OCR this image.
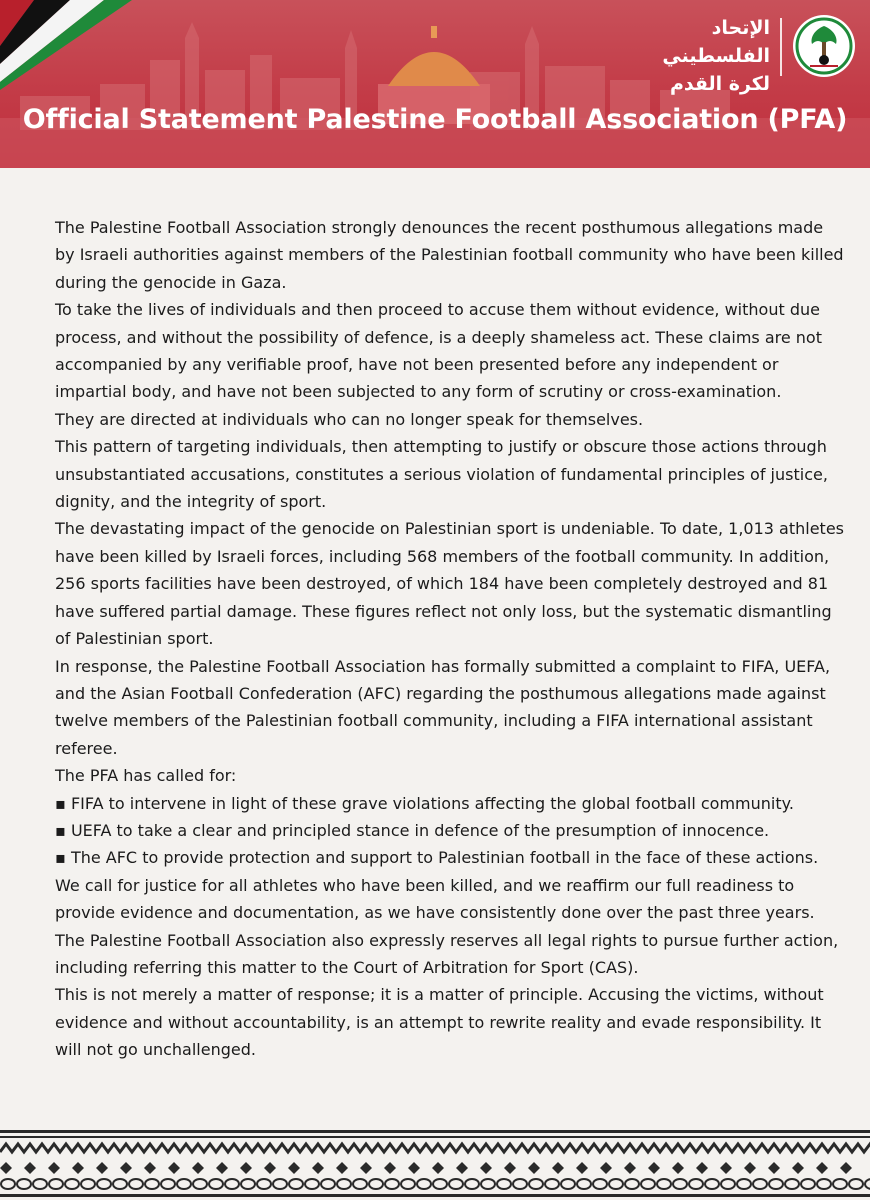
الإتحاد الفلسطيني
لكرة القدم
Official Statement Palestine Football Association (PFA)

The Palestine Football Association strongly denounces the recent posthumous allegations made by Israeli authorities against members of the Palestinian football community who have been killed during the genocide in Gaza.

To take the lives of individuals and then proceed to accuse them without evidence, without due process, and without the possibility of defence, is a deeply shameless act. These claims are not accompanied by any verifiable proof, have not been presented before any independent or impartial body, and have not been subjected to any form of scrutiny or cross-examination.

They are directed at individuals who can no longer speak for themselves.

This pattern of targeting individuals, then attempting to justify or obscure those actions through unsubstantiated accusations, constitutes a serious violation of fundamental principles of justice, dignity, and the integrity of sport.

The devastating impact of the genocide on Palestinian sport is undeniable. To date, 1,013 athletes have been killed by Israeli forces, including 568 members of the football community. In addition, 256 sports facilities have been destroyed, of which 184 have been completely destroyed and 81 have suffered partial damage. These figures reflect not only loss, but the systematic dismantling of Palestinian sport.

In response, the Palestine Football Association has formally submitted a complaint to FIFA, UEFA, and the Asian Football Confederation (AFC) regarding the posthumous allegations made against twelve members of the Palestinian football community, including a FIFA international assistant referee.

The PFA has called for:

▪ FIFA to intervene in light of these grave violations affecting the global football community.

▪ UEFA to take a clear and principled stance in defence of the presumption of innocence.

▪ The AFC to provide protection and support to Palestinian football in the face of these actions.

We call for justice for all athletes who have been killed, and we reaffirm our full readiness to provide evidence and documentation, as we have consistently done over the past three years.

The Palestine Football Association also expressly reserves all legal rights to pursue further action, including referring this matter to the Court of Arbitration for Sport (CAS).

This is not merely a matter of response; it is a matter of principle. Accusing the victims, without evidence and without accountability, is an attempt to rewrite reality and evade responsibility. It will not go unchallenged.
